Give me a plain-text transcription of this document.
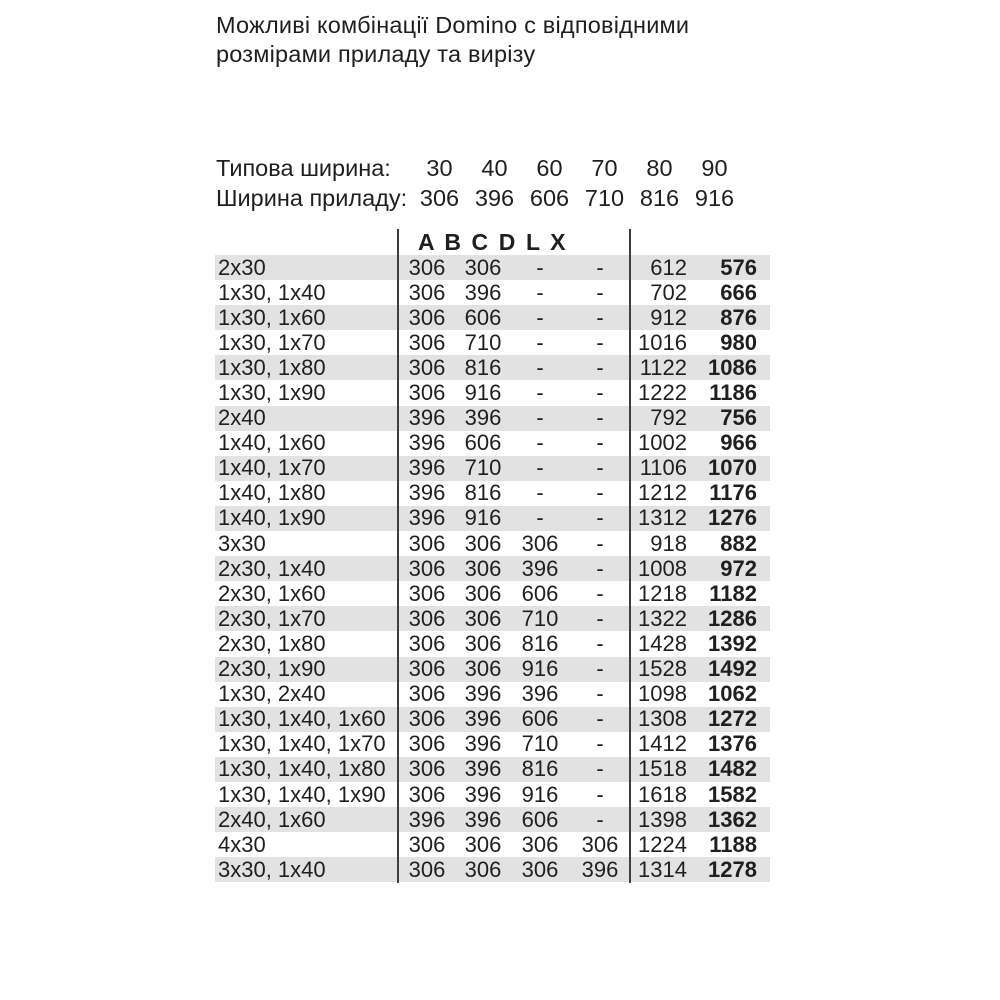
Можливі комбінації Domino с відповідними
розмірами приладу та вирізу
Типова ширина:	30	40	60	70	80	90
Ширина приладу: 306 396 606 710 816 916
A B C D L X
2x30	306 306	-	-	612	576
1x30, 1x40	306 396	-	-	702	666
1x30, 1x60	306 606	-	-	912	876
1x30, 1x70	306 710	-	-	1016	980
1x30, 1x80	306 816	-	-	1122 1086
1x30, 1x90	306 916	-	-	1222	1186
2x40	396 396	-	-	792	756
1x40, 1x60	396 606	-	-	1002	966
1x40, 1x70	396 710	-	-	1106 1070
1x40, 1x80	396 816	-	-	1212	1176
1x40, 1x90	396 916	-	-	1312 1276
3x30	306 306 306	-	918	882
2x30, 1x40	306 306 396	-	1008	972
2x30, 1x60	306 306 606	-	1218	1182
2x30, 1x70	306 306 710	-	1322 1286
2x30, 1x80	306 306 816	-	1428 1392
2x30, 1x90	306 306 916	-	1528 1492
1x30, 2x40	306 396 396	-	1098 1062
1x30, 1x40, 1x60	306 396 606	-	1308 1272
1x30, 1x40, 1x70	306 396 710	-	1412 1376
1x30, 1x40, 1x80	306 396 816	-	1518 1482
1x30, 1x40, 1x90	306 396 916	-	1618 1582
2x40, 1x60	396 396 606	-	1398 1362
4x30	306 306 306	306 1224	1188
3x30, 1x40	306 306 306	396 1314 1278
